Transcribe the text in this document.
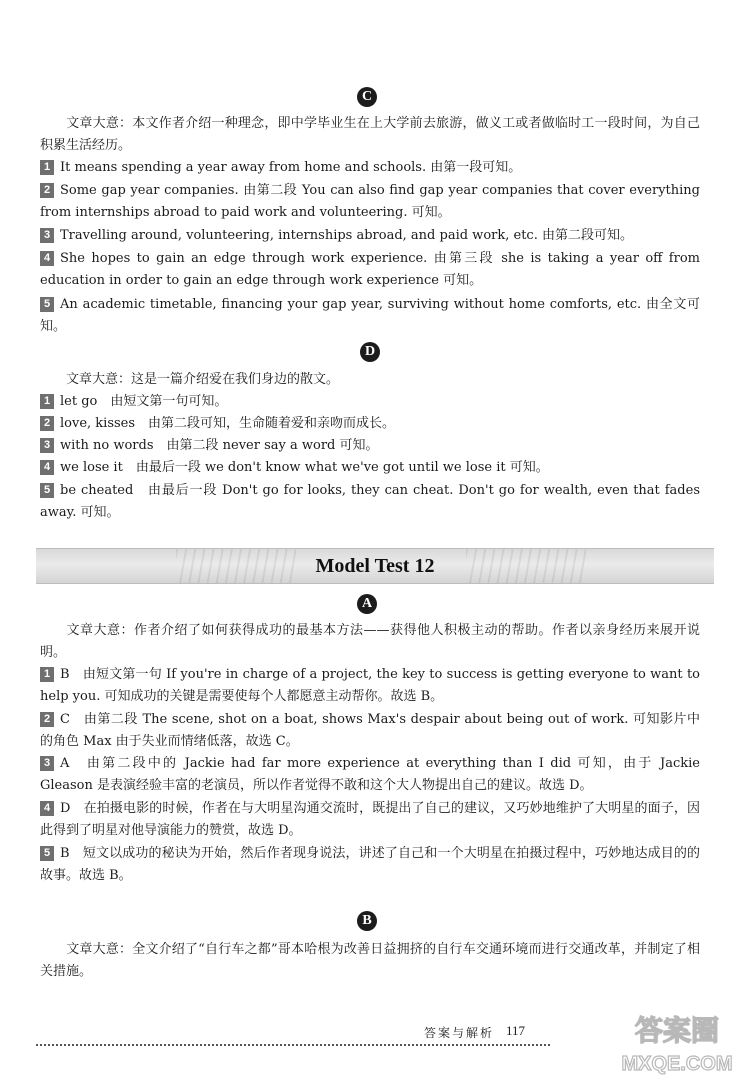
C
文章大意：本文作者介绍一种理念，即中学毕业生在上大学前去旅游，做义工或者做临时工一段时间，为自己积累生活经历。
1 It means spending a year away from home and schools. 由第一段可知。
2 Some gap year companies. 由第二段 You can also find gap year companies that cover everything from internships abroad to paid work and volunteering. 可知。
3 Travelling around, volunteering, internships abroad, and paid work, etc. 由第二段可知。
4 She hopes to gain an edge through work experience. 由第三段 she is taking a year off from education in order to gain an edge through work experience 可知。
5 An academic timetable, financing your gap year, surviving without home comforts, etc. 由全文可知。
D
文章大意：这是一篇介绍爱在我们身边的散文。
1 let go　由短文第一句可知。
2 love, kisses　由第二段可知，生命随着爱和亲吻而成长。
3 with no words　由第二段 never say a word 可知。
4 we lose it　由最后一段 we don't know what we've got until we lose it 可知。
5 be cheated　由最后一段 Don't go for looks, they can cheat. Don't go for wealth, even that fades away. 可知。
Model Test 12
A
文章大意：作者介绍了如何获得成功的最基本方法——获得他人积极主动的帮助。作者以亲身经历来展开说明。
1 B　由短文第一句 If you're in charge of a project, the key to success is getting everyone to want to help you. 可知成功的关键是需要使每个人都愿意主动帮你。故选 B。
2 C　由第二段 The scene, shot on a boat, shows Max's despair about being out of work. 可知影片中的角色 Max 由于失业而情绪低落，故选 C。
3 A　由第二段中的 Jackie had far more experience at everything than I did 可知，由于 Jackie Gleason 是表演经验丰富的老演员，所以作者觉得不敢和这个大人物提出自己的建议。故选 D。
4 D　在拍摄电影的时候，作者在与大明星沟通交流时，既提出了自己的建议，又巧妙地维护了大明星的面子，因此得到了明星对他导演能力的赞赏，故选 D。
5 B　短文以成功的秘诀为开始，然后作者现身说法，讲述了自己和一个大明星在拍摄过程中，巧妙地达成目的的故事。故选 B。
B
文章大意：全文介绍了“自行车之都”哥本哈根为改善日益拥挤的自行车交通环境而进行交通改革，并制定了相关措施。
答案与解析 117	答案圈
MXQE.COM
